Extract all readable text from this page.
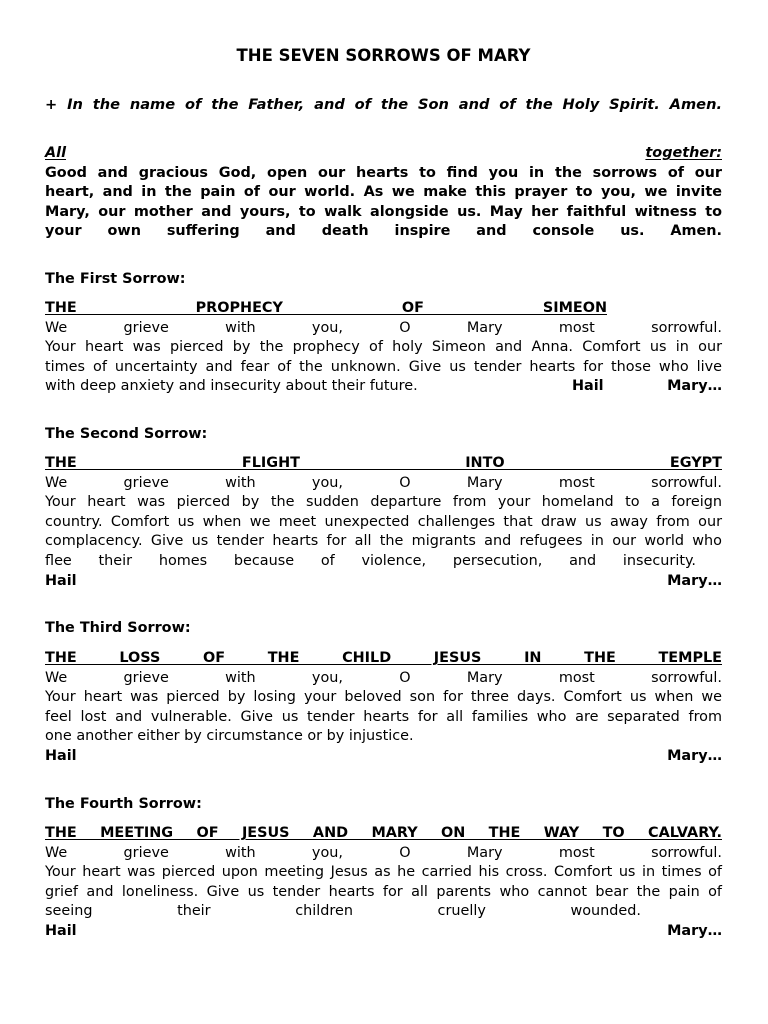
THE SEVEN SORROWS OF MARY
+ In the name of the Father, and of the Son and of the Holy Spirit. Amen.
All	together:
Good and gracious God, open our hearts to find you in the sorrows of our
heart, and in the pain of our world. As we make this prayer to you, we invite
Mary, our mother and yours, to walk alongside us. May her faithful witness to
your own suffering and death inspire and console us. Amen.
The First Sorrow:
THE PROPHECY OF SIMEON
We grieve with you, O Mary most sorrowful.
Your heart was pierced by the prophecy of holy Simeon and Anna. Comfort us in our
times of uncertainty and fear of the unknown. Give us tender hearts for those who live
with deep anxiety and insecurity about their future.	Hail	Mary…
The Second Sorrow:
THE FLIGHT INTO EGYPT
We grieve with you, O Mary most sorrowful.
Your heart was pierced by the sudden departure from your homeland to a foreign
country. Comfort us when we meet unexpected challenges that draw us away from our
complacency. Give us tender hearts for all the migrants and refugees in our world who
flee their homes because of violence, persecution, and insecurity.
Hail	Mary…
The Third Sorrow:
THE LOSS OF THE CHILD JESUS IN THE TEMPLE
We grieve with you, O Mary most sorrowful.
Your heart was pierced by losing your beloved son for three days. Comfort us when we
feel lost and vulnerable. Give us tender hearts for all families who are separated from
one another either by circumstance or by injustice.
Hail	Mary…
The Fourth Sorrow:
THE MEETING OF JESUS AND MARY ON THE WAY TO CALVARY.
We grieve with you, O Mary most sorrowful.
Your heart was pierced upon meeting Jesus as he carried his cross. Comfort us in times of
grief and loneliness. Give us tender hearts for all parents who cannot bear the pain of
seeing their children cruelly wounded.
Hail	Mary…
